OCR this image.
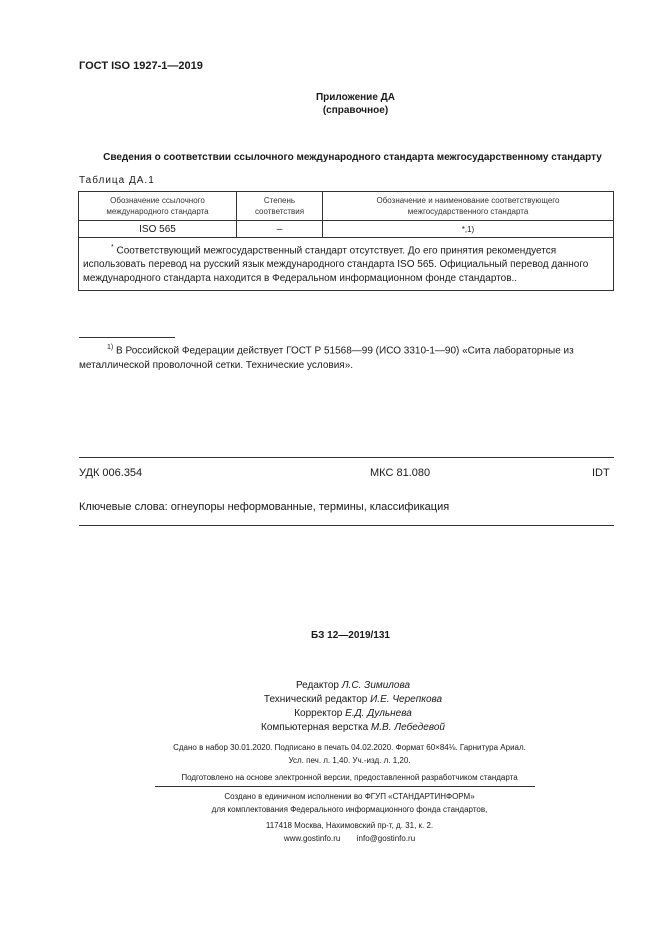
ГОСТ ISO 1927-1—2019
Приложение ДА
(справочное)
Сведения о соответствии ссылочного международного стандарта межгосударственному стандарту
Таблица ДА.1
Обозначение ссылочного международного стандарта	Степень соответствия	Обозначение и наименование соответствующего межгосударственного стандарта
ISO 565	–	*,1)
* Соответствующий межгосударственный стандарт отсутствует. До его принятия рекомендуется использовать перевод на русский язык международного стандарта ISO 565. Официальный перевод данного международного стандарта находится в Федеральном информационном фонде стандартов..		
$^{1)}$ В Российской Федерации действует ГОСТ Р 51568—99 (ИСО 3310-1—90) «Сита лабораторные из металлической проволочной сетки. Технические условия».
УДК 006.354	МКС 81.080	IDT
Ключевые слова: огнеупоры неформованные, термины, классификация
БЗ 12—2019/131
Редактор Л.С. Зимилова
Технический редактор И.Е. Черепкова
Корректор Е.Д. Дульнева
Компьютерная верстка М.В. Лебедевой
Сдано в набор 30.01.2020. Подписано в печать 04.02.2020. Формат 60×84⅛. Гарнитура Ариал.
Усл. печ. л. 1,40. Уч.-изд. л. 1,20.
Подготовлено на основе электронной версии, предоставленной разработчиком стандарта
Создано в единичном исполнении во ФГУП «СТАНДАРТИНФОРМ»
для комплектования Федерального информационного фонда стандартов,
117418 Москва, Нахимовский пр-т, д. 31, к. 2.
www.gostinfo.ru info@gostinfo.ru
